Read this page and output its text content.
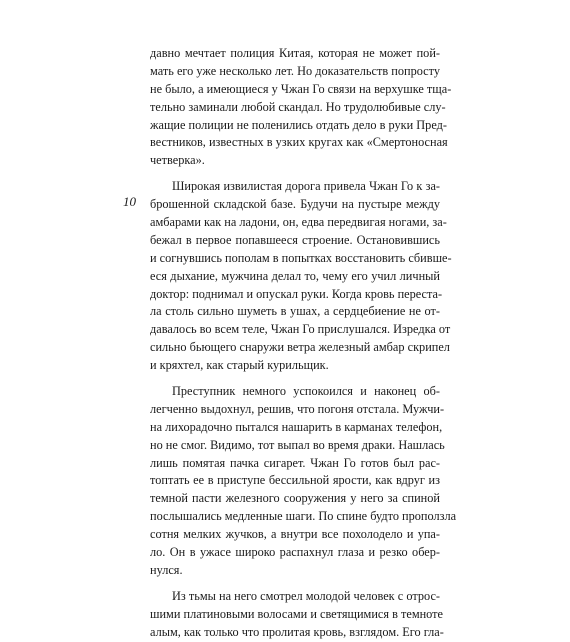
10
давно мечтает полиция Китая, которая не может пой-
мать его уже несколько лет. Но доказательств попросту
не было, а имеющиеся у Чжан Го связи на верхушке тща-
тельно заминали любой скандал. Но трудолюбивые слу-
жащие полиции не поленились отдать дело в руки Пред-
вестников, известных в узких кругах как «Смертоносная
четверка».
Широкая извилистая дорога привела Чжан Го к за-
брошенной складской базе. Будучи на пустыре между
амбарами как на ладони, он, едва передвигая ногами, за-
бежал в первое попавшееся строение. Остановившись
и согнувшись пополам в попытках восстановить сбивше-
еся дыхание, мужчина делал то, чему его учил личный
доктор: поднимал и опускал руки. Когда кровь переста-
ла столь сильно шуметь в ушах, а сердцебиение не от-
давалось во всем теле, Чжан Го прислушался. Изредка от
сильно бьющего снаружи ветра железный амбар скрипел
и кряхтел, как старый курильщик.
Преступник немного успокоился и наконец об-
легченно выдохнул, решив, что погоня отстала. Мужчи-
на лихорадочно пытался нашарить в карманах телефон,
но не смог. Видимо, тот выпал во время драки. Нашлась
лишь помятая пачка сигарет. Чжан Го готов был рас-
топтать ее в приступе бессильной ярости, как вдруг из
темной пасти железного сооружения у него за спиной
послышались медленные шаги. По спине будто проползла
сотня мелких жучков, а внутри все похолодело и упа-
ло. Он в ужасе широко распахнул глаза и резко обер-
нулся.
Из тьмы на него смотрел молодой человек с отрос-
шими платиновыми волосами и светящимися в темноте
алым, как только что пролитая кровь, взглядом. Его гла-
